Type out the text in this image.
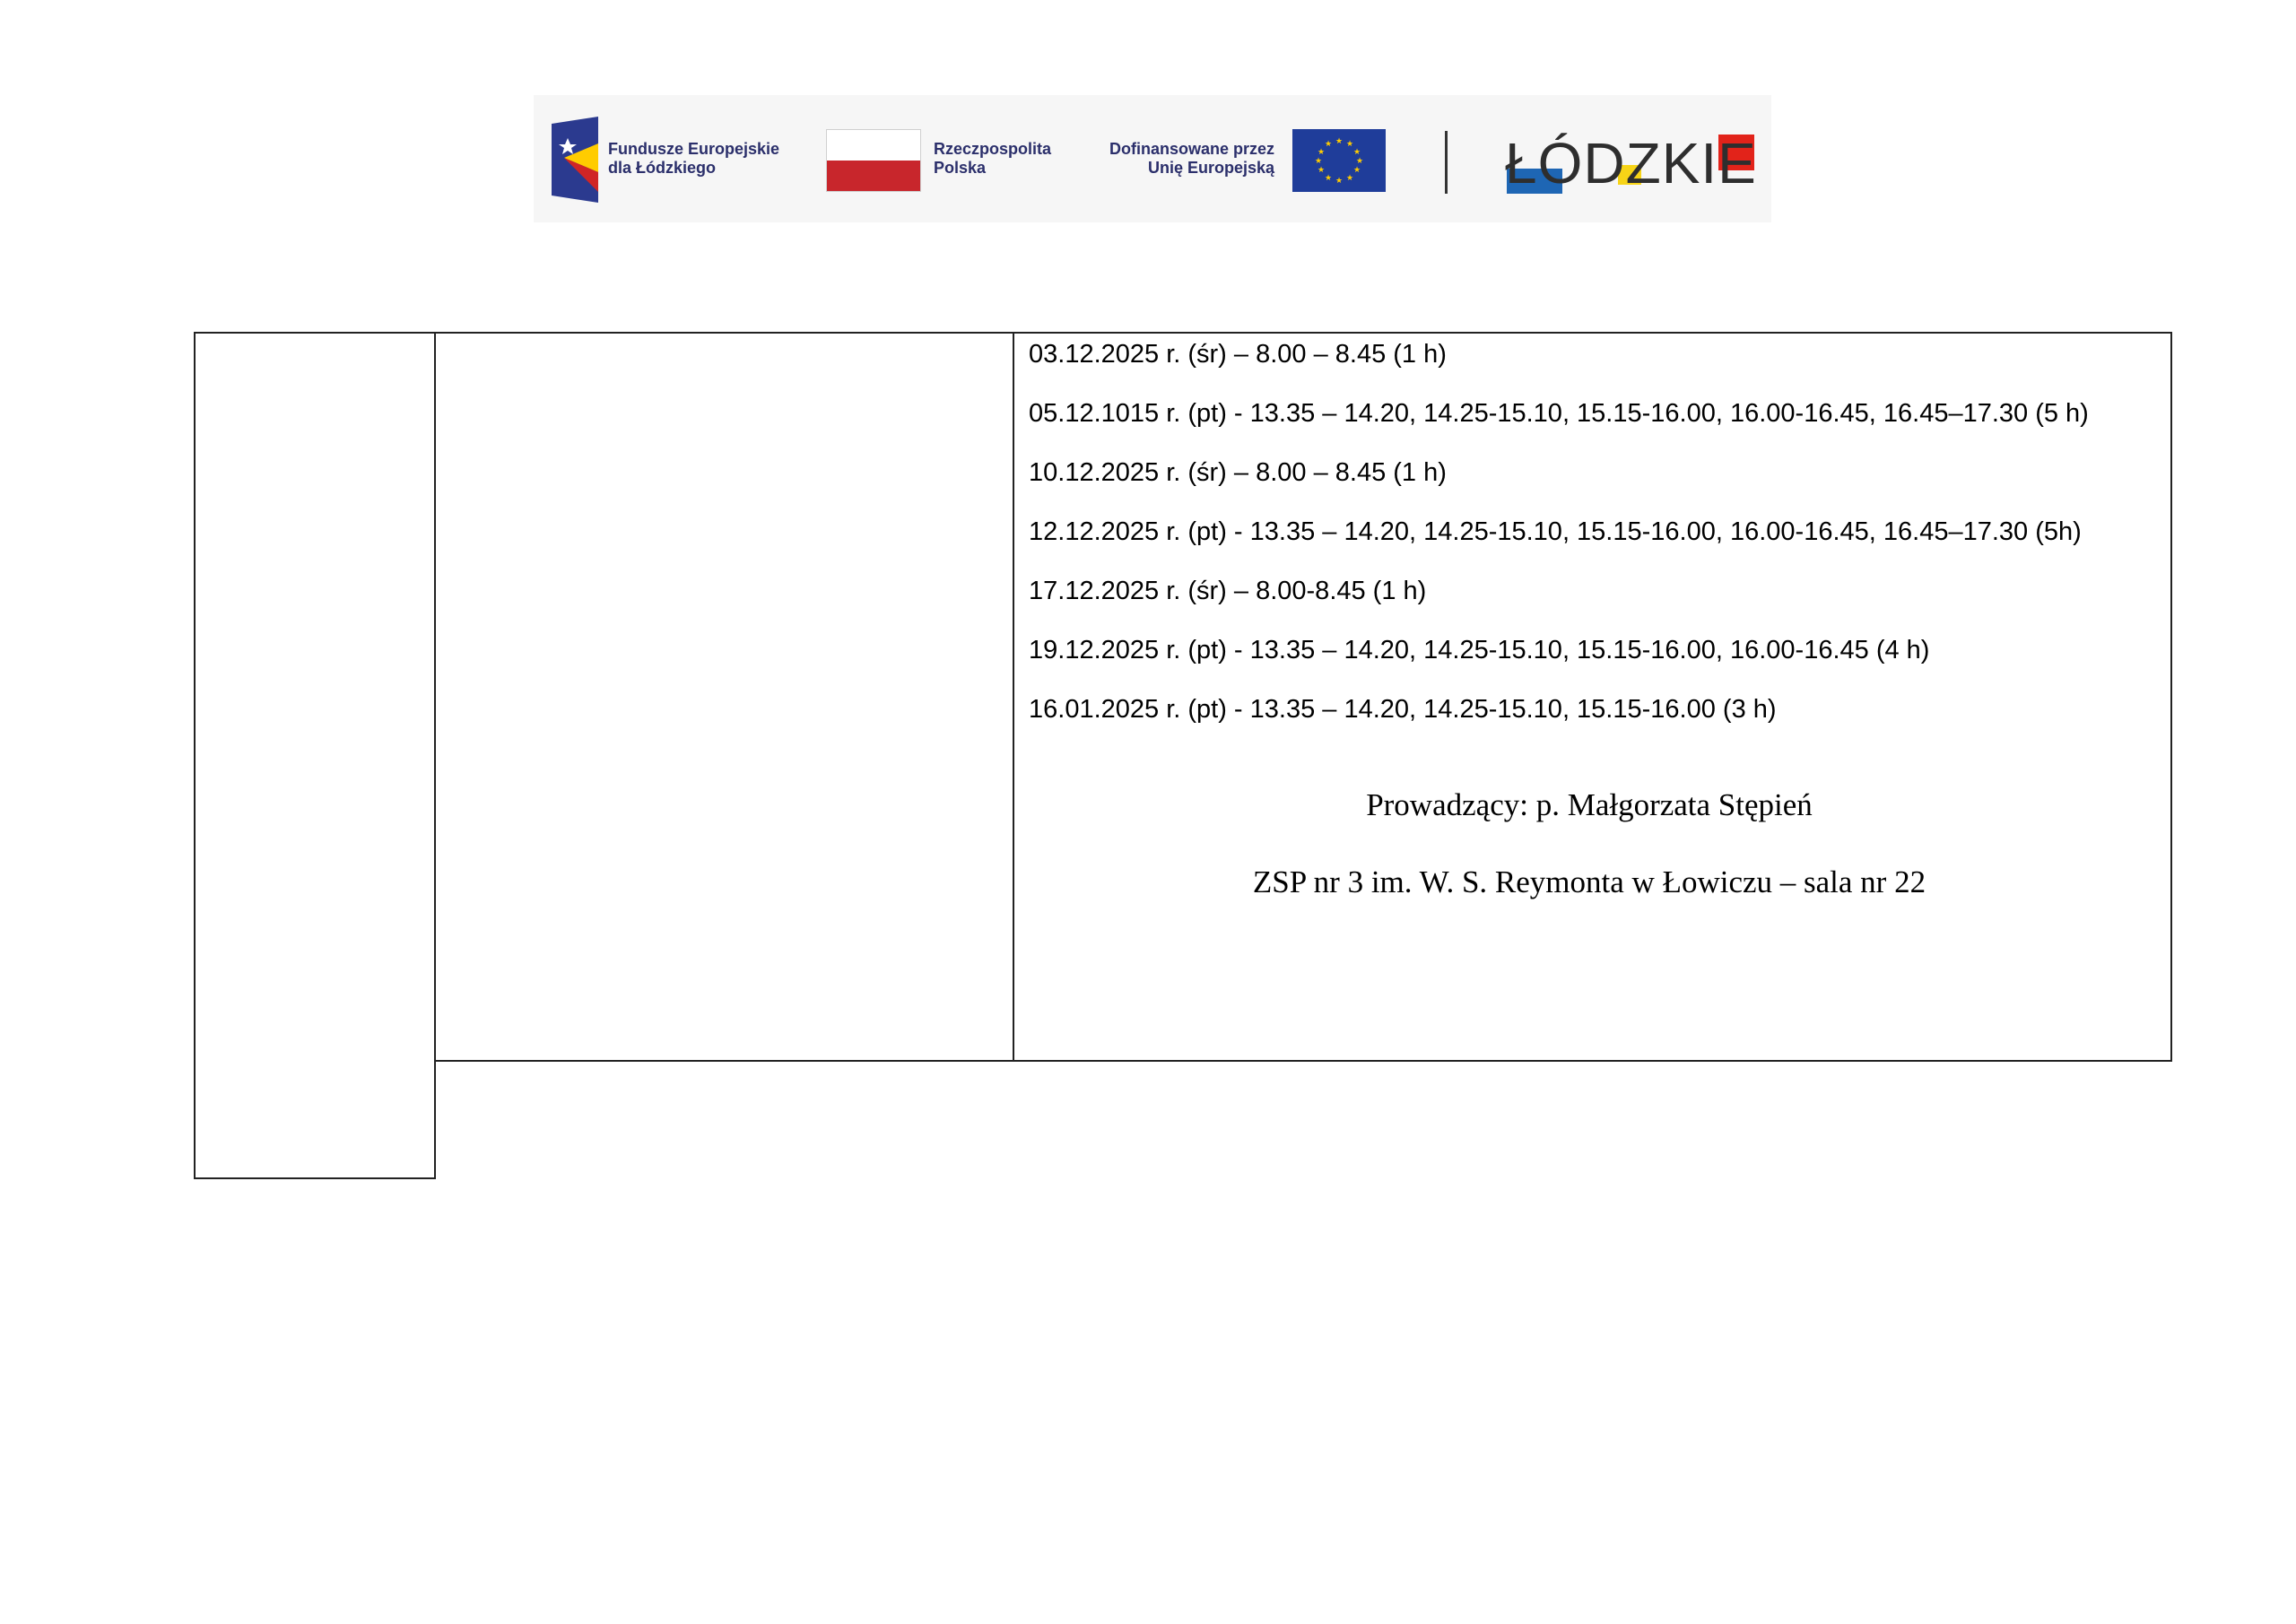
Fundusze Europejskie
dla Łódzkiego
Rzeczpospolita
Polska
Dofinansowane przez
Unię Europejską
★ ★
★
★
★
★
★
★
★
★
★
★	ŁÓDZKIE
03.12.2025 r. (śr) – 8.00 – 8.45 (1 h)
05.12.1015 r. (pt) - 13.35 – 14.20, 14.25-15.10, 15.15-16.00, 16.00-16.45, 16.45–17.30 (5 h)
10.12.2025 r. (śr) – 8.00 – 8.45 (1 h)
12.12.2025 r. (pt) - 13.35 – 14.20, 14.25-15.10, 15.15-16.00, 16.00-16.45, 16.45–17.30 (5h)
17.12.2025 r. (śr) – 8.00-8.45 (1 h)
19.12.2025 r. (pt) - 13.35 – 14.20, 14.25-15.10, 15.15-16.00, 16.00-16.45 (4 h)
16.01.2025 r. (pt) - 13.35 – 14.20, 14.25-15.10, 15.15-16.00 (3 h)
Prowadzący: p. Małgorzata Stępień
ZSP nr 3 im. W. S. Reymonta w Łowiczu – sala nr 22
